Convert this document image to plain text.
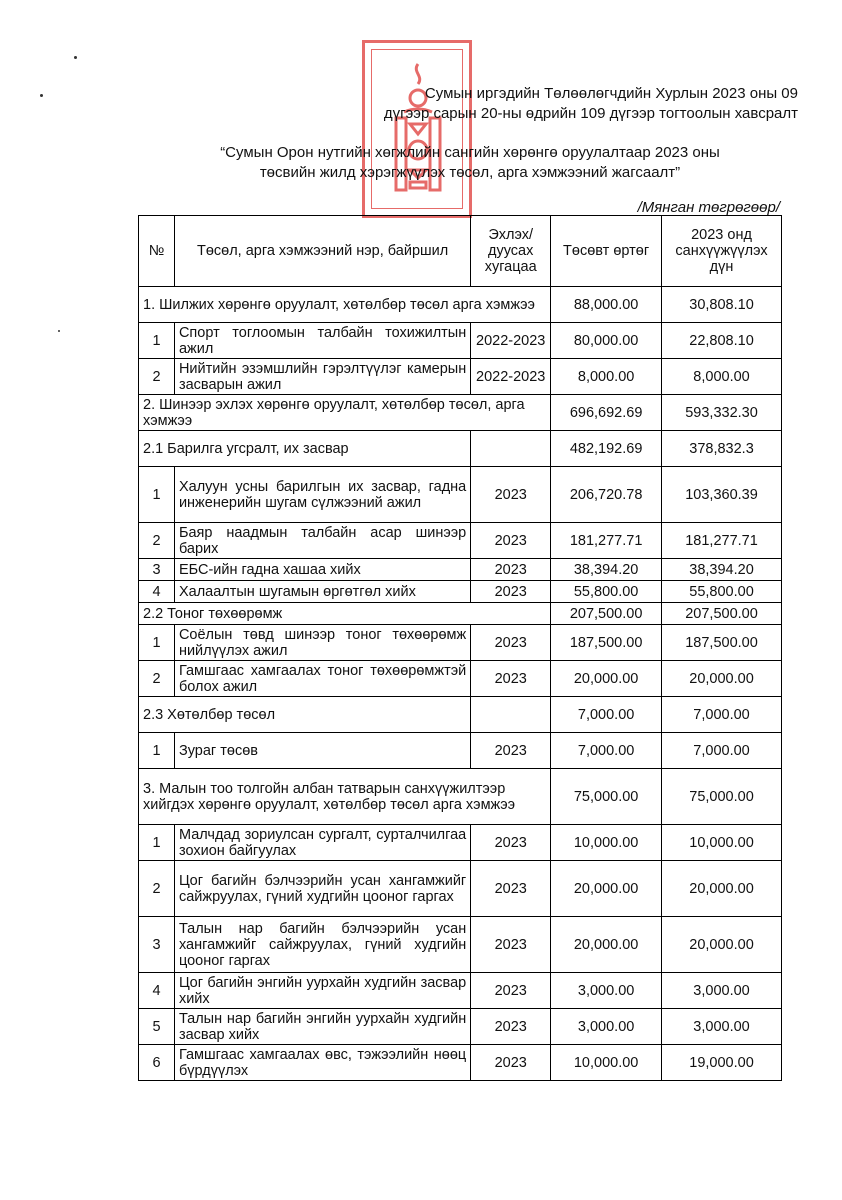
Сумын иргэдийн Төлөөлөгчдийн Хурлын 2023 оны 09
дүгээр сарын 20-ны өдрийн 109 дүгээр тогтоолын хавсралт
“Сумын Орон нутгийн хөгжлийн сангийн хөрөнгө оруулалтаар 2023 оны
төсвийн жилд хэрэгжүүлэх төсөл, арга хэмжээний жагсаалт”
/Мянган төгрөгөөр/
№	Төсөл, арга хэмжээний нэр, байршил	Эхлэх/ дуусах хугацаа	Төсөвт өртөг	2023 онд санхүүжүүлэх дүн
1. Шилжих хөрөнгө оруулалт, хөтөлбөр төсөл арга хэмжээ			88,000.00	30,808.10
1	Спорт тоглоомын талбайн тохижилтын ажил	2022-2023	80,000.00	22,808.10
2	Нийтийн эзэмшлийн гэрэлтүүлэг камерын засварын ажил	2022-2023	8,000.00	8,000.00
2. Шинээр эхлэх хөрөнгө оруулалт, хөтөлбөр төсөл, арга хэмжээ			696,692.69	593,332.30
2.1 Барилга угсралт, их засвар			482,192.69	378,832.3
1	Халуун усны барилгын их засвар, гадна инженерийн шугам сүлжээний ажил	2023	206,720.78	103,360.39
2	Баяр наадмын талбайн асар шинээр барих	2023	181,277.71	181,277.71
3	ЕБС-ийн гадна хашаа хийх	2023	38,394.20	38,394.20
4	Халаалтын шугамын өргөтгөл хийх	2023	55,800.00	55,800.00
2.2 Тоног төхөөрөмж			207,500.00	207,500.00
1	Соёлын төвд шинээр тоног төхөөрөмж нийлүүлэх ажил	2023	187,500.00	187,500.00
2	Гамшгаас хамгаалах тоног төхөөрөмжтэй болох ажил	2023	20,000.00	20,000.00
2.3 Хөтөлбөр төсөл			7,000.00	7,000.00
1	Зураг төсөв	2023	7,000.00	7,000.00
3. Малын тоо толгойн албан татварын санхүүжилтээр хийгдэх хөрөнгө оруулалт, хөтөлбөр төсөл арга хэмжээ			75,000.00	75,000.00
1	Малчдад зориулсан сургалт, сурталчилгаа зохион байгуулах	2023	10,000.00	10,000.00
2	Цог багийн бэлчээрийн усан хангамжийг сайжруулах, гүний худгийн цооног гаргах	2023	20,000.00	20,000.00
3	Талын нар багийн бэлчээрийн усан хангамжийг сайжруулах, гүний худгийн цооног гаргах	2023	20,000.00	20,000.00
4	Цог багийн энгийн уурхайн худгийн засвар хийх	2023	3,000.00	3,000.00
5	Талын нар багийн энгийн уурхайн худгийн засвар хийх	2023	3,000.00	3,000.00
6	Гамшгаас хамгаалах өвс, тэжээлийн нөөц бүрдүүлэх	2023	10,000.00	19,000.00
